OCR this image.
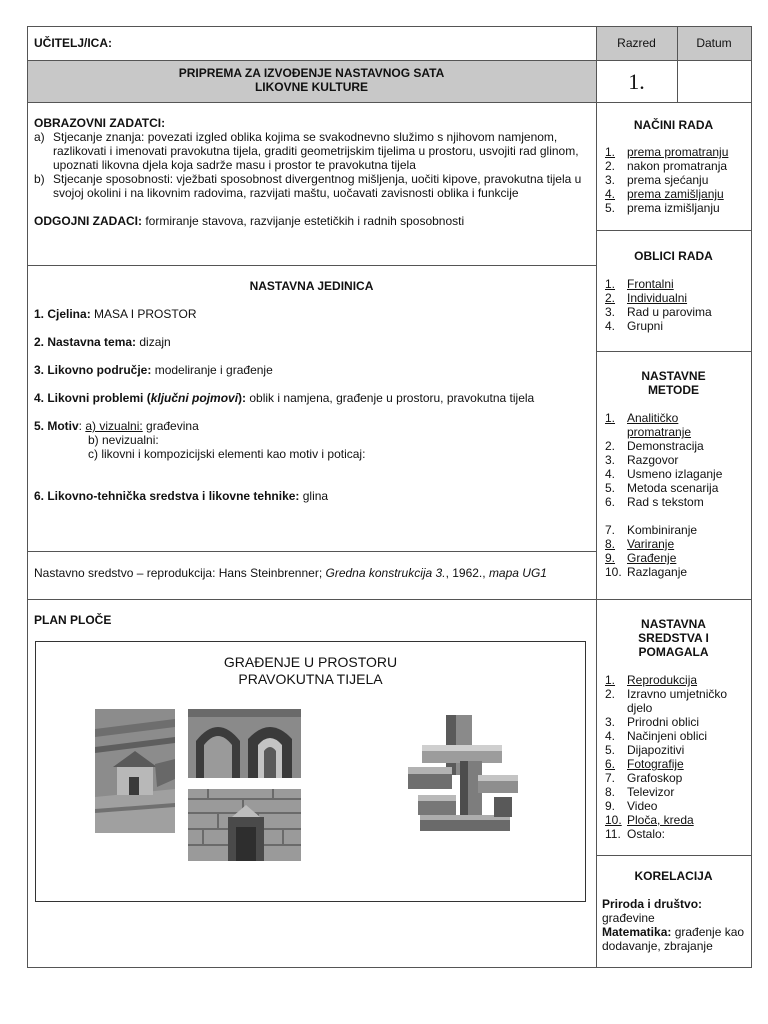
UČITELJ/ICA:	Razred	Datum
PRIPREMA ZA IZVOĐENJE NASTAVNOG SATA
LIKOVNE KULTURE	1.
OBRAZOVNI ZADATCI:
a) Stjecanje znanja: povezati izgled oblika kojima se svakodnevno služimo s njihovom namjenom, razlikovati i imenovati pravokutna tijela, graditi geometrijskim tijelima u prostoru, usvojiti rad glinom, upoznati likovna djela koja sadrže masu i prostor te pravokutna tijela
b) Stjecanje sposobnosti: vježbati sposobnost divergentnog mišljenja, uočiti kipove, pravokutna tijela u svojoj okolini i na likovnim radovima, razvijati maštu, uočavati zavisnosti oblika i funkcije
ODGOJNI ZADACI: formiranje stavova, razvijanje estetičkih i radnih sposobnosti
NASTAVNA JEDINICA
1. Cjelina: MASA I PROSTOR
2. Nastavna tema: dizajn
3. Likovno područje: modeliranje i građenje
4. Likovni problemi (ključni pojmovi): oblik i namjena, građenje u prostoru, pravokutna tijela
5. Motiv: a) vizualni: građevina
b) nevizualni:
c) likovni i kompozicijski elementi kao motiv i poticaj:
6. Likovno-tehnička sredstva i likovne tehnike: glina
Nastavno sredstvo – reprodukcija: Hans Steinbrenner; Gredna konstrukcija 3., 1962., mapa UG1
PLAN PLOČE
GRAĐENJE U PROSTORU
PRAVOKUTNA TIJELA
NAČINI RADA
1. prema promatranju
2. nakon promatranja
3. prema sjećanju
4. prema zamišljanju
5. prema izmišljanju
OBLICI RADA
1. Frontalni
2. Individualni
3. Rad u parovima
4. Grupni
NASTAVNE
METODE
1. Analitičko
promatranje
2. Demonstracija
3. Razgovor
4. Usmeno izlaganje
5. Metoda scenarija
6. Rad s tekstom
7. Kombiniranje
8. Variranje
9. Građenje
10. Razlaganje
NASTAVNA
SREDSTVA I
POMAGALA
1. Reprodukcija
2. Izravno umjetničko
djelo
3. Prirodni oblici
4. Načinjeni oblici
5. Dijapozitivi
6. Fotografije
7. Grafoskop
8. Televizor
9. Video
10. Ploča, kreda
11. Ostalo:
KORELACIJA
Priroda i društvo:
građevine
Matematika: građenje kao dodavanje, zbrajanje
